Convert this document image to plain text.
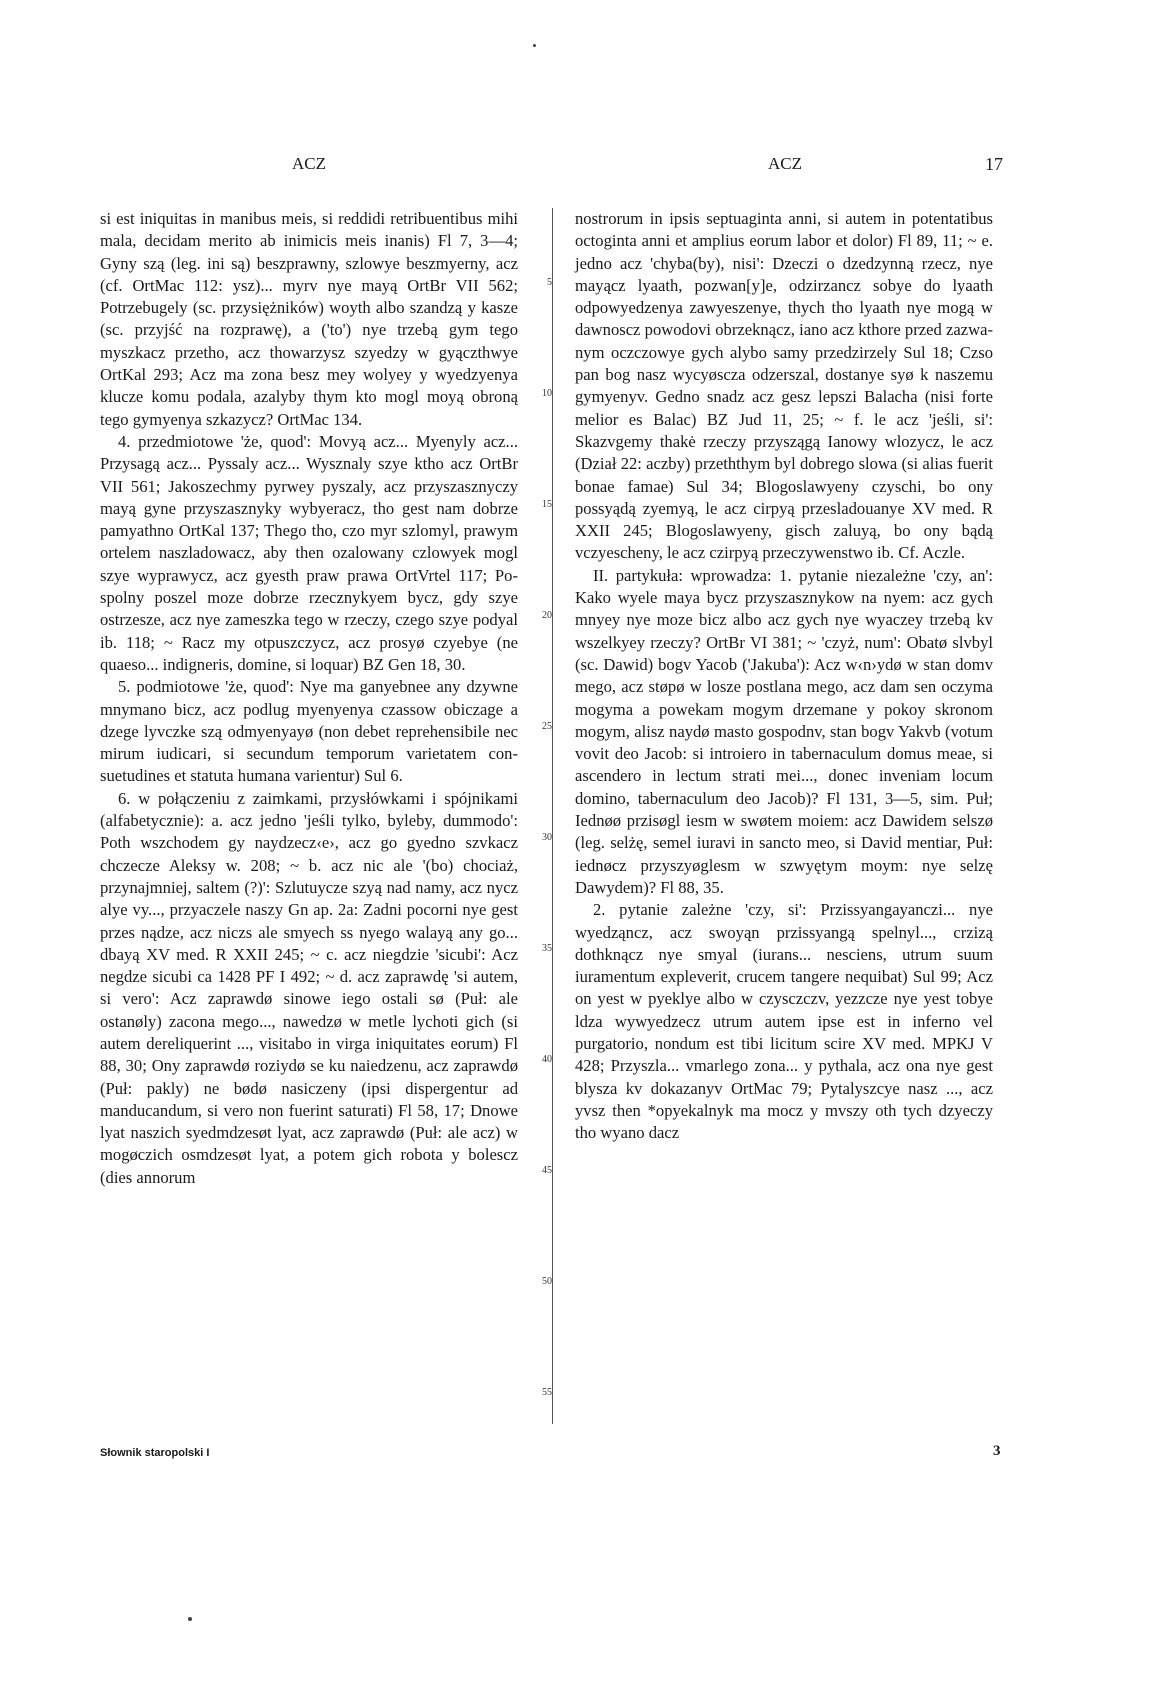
ACZ	ACZ	17

si est iniquitas in manibus meis, si reddidi retribuentibus mihi mala, decidam merito ab inimicis meis inanis) Fl 7, 3—4; Gyny szą (leg. ini są) beszprawny, szlowye beszmyerny, acz (cf. OrtMac 112: ysz)... myrv nye mayą OrtBr VII 562; Potrzebugely (sc. przysiężników) woyth albo szandzą y kasze (sc. przyjść na rozprawę), a ('to') nye trzebą gym tego myszkacz przetho, acz thowarzysz szyedzy w gyączthwye OrtKal 293; Acz ma zona besz mey wolyey y wyedzyenya klucze komu podala, azalyby thym kto mogl moyą obroną tego gymyenya szkazycz? OrtMac 134.

4. przedmiotowe 'że, quod': Movyą acz... Myenyly acz... Przysagą acz... Pyssaly acz... Wysznaly szye ktho acz OrtBr VII 561; Jakoszechmy pyrwey pyszaly, acz przyszasznyczy mayą gyne przyszasznyky wybyeracz, tho gest nam dobrze pamyathno OrtKal 137; Thego tho, czo myr szlomyl, prawym ortelem naszladowacz, aby then ozalowany czlowyek mogl szye wyprawycz, acz gyesth praw prawa OrtVrtel 117; Pospolny poszel moze dobrze rzecznykyem bycz, gdy szye ostrzesze, acz nye zameszka tego w rzeczy, czego szye podyal ib. 118; ~ Racz my otpuszczycz, acz prosyø czyebye (ne quaeso... indigneris, domine, si loquar) BZ Gen 18, 30.

5. podmiotowe 'że, quod': Nye ma ganyebnee any dzywne mnymano bicz, acz podlug myenyenya czassow obiczage a dzege lyvczke szą odmyenyayø (non debet reprehensibile nec mirum iudicari, si secundum temporum varietatem consuetudines et statuta humana varientur) Sul 6.

6. w połączeniu z zaimkami, przysłówkami i spójnikami (alfabetycznie): a. acz jedno 'jeśli tylko, byleby, dummodo': Poth wszchodem gy naydzecz‹e›, acz go gyedno szvkacz chczecze Aleksy w. 208; ~ b. acz nic ale '(bo) chociaż, przynajmniej, saltem (?)': Szlutuycze szyą nad namy, acz nycz alye vy..., przyaczele naszy Gn ap. 2a: Zadni pocorni nye gest przes nądze, acz niczs ale smyech ss nyego walayą any go... dbayą XV med. R XXII 245; ~ c. acz niegdzie 'sicubi': Acz negdze sicubi ca 1428 PF I 492; ~ d. acz zaprawdę 'si autem, si vero': Acz zaprawdø sinowe iego ostali sø (Puł: ale ostanøly) zacona mego..., nawedzø w metle lychoti gich (si autem dereliquerint ..., visitabo in virga iniquitates eorum) Fl 88, 30; Ony zaprawdø roziydø se ku naiedzenu, acz zaprawdø (Puł: pakly) ne bødø nasiczeny (ipsi dispergentur ad manducandum, si vero non fuerint saturati) Fl 58, 17; Dnowe lyat naszich syedmdzesøt lyat, acz zaprawdø (Puł: ale acz) w mogøczich osmdzesøt lyat, a potem gich robota y bolescz (dies annorum

5
10
15
20
25
30
35
40
45
50
55

nostrorum in ipsis septuaginta anni, si autem in potentatibus octoginta anni et amplius eorum labor et dolor) Fl 89, 11; ~ e. jedno acz 'chyba(by), nisi': Dzeczi o dzedzynną rzecz, nye mayącz lyaath, pozwan[y]e, odzirzancz sobye do lyaath odpowyedzenya zawyeszenye, thych tho lyaath nye mogą w dawnoscz powodovi obrzeknącz, iano acz kthore przed zazwanym oczczowye gych alybo samy przedzirzely Sul 18; Czso pan bog nasz wycyøscza odzerszal, dostanye syø k naszemu gymyenyv. Gedno snadz acz gesz lepszi Balacha (nisi forte melior es Balac) BZ Jud 11, 25; ~ f. le acz 'jeśli, si': Skazvgemy thakė rzeczy przyszągą Ianowy wlozycz, le acz (Dział 22: aczby) przeththym byl dobrego slowa (si alias fuerit bonae famae) Sul 34; Blogoslawyeny czyschi, bo ony possyądą zyemyą, le acz cirpyą przesladouanye XV med. R XXII 245; Blogoslawyeny, gisch zaluyą, bo ony bądą vczyescheny, le acz czirpyą przeczywenstwo ib. Cf. Aczle.

II. partykuła: wprowadza: 1. pytanie niezależne 'czy, an': Kako wyele maya bycz przyszasznykow na nyem: acz gych mnyey nye moze bicz albo acz gych nye wyaczey trzebą kv wszelkyey rzeczy? OrtBr VI 381; ~ 'czyż, num': Obatø slvbyl (sc. Dawid) bogv Yacob ('Jakuba'): Acz w‹n›ydø w stan domv mego, acz støpø w losze postlana mego, acz dam sen oczyma mogyma a powekam mogym drzemane y pokoy skronom mogym, alisz naydø masto gospodnv, stan bogv Yakvb (votum vovit deo Jacob: si introiero in tabernaculum domus meae, si ascendero in lectum strati mei..., donec inveniam locum domino, tabernaculum deo Jacob)? Fl 131, 3—5, sim. Puł; Iednøø przisøgl iesm w swøtem moiem: acz Dawidem selszø (leg. selżę, semel iuravi in sancto meo, si David mentiar, Puł: iednøcz przyszyøglesm w szwyętym moym: nye selzę Dawydem)? Fl 88, 35.

2. pytanie zależne 'czy, si': Przissyangayanczi... nye wyedząncz, acz swoyąn przissyangą spelnyl..., crzizą dothknącz nye smyal (iurans... nesciens, utrum suum iuramentum expleverit, crucem tangere nequibat) Sul 99; Acz on yest w pyeklye albo w czysczczv, yezzcze nye yest tobye ldza wywyedzecz utrum autem ipse est in inferno vel purgatorio, nondum est tibi licitum scire XV med. MPKJ V 428; Przyszla... vmarlego zona... y pythala, acz ona nye gest blysza kv dokazanyv OrtMac 79; Pytalyszcye nasz ..., acz yvsz then *opyekalnyk ma mocz y mvszy oth tych dzyeczy tho wyano dacz

Słownik staropolski I	3
